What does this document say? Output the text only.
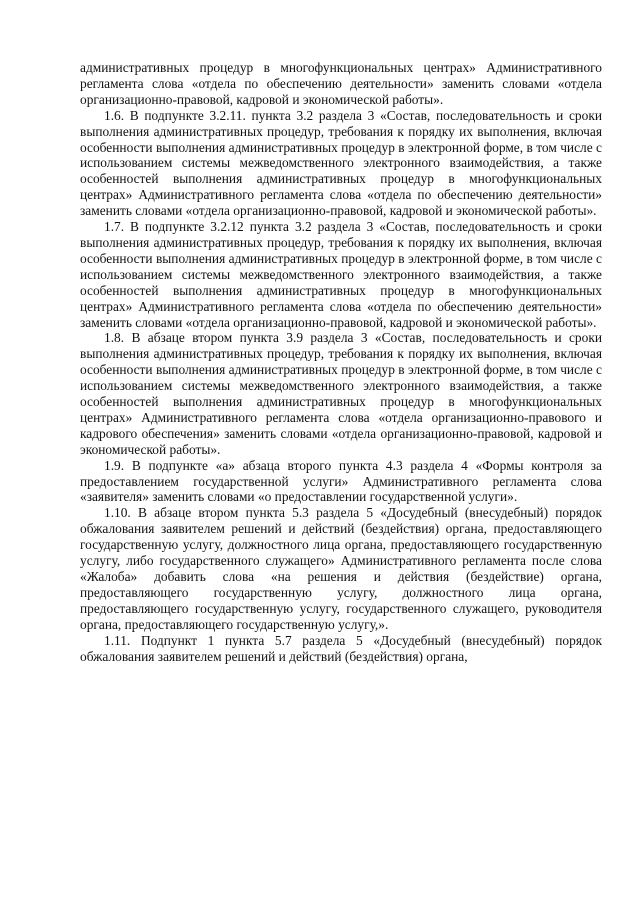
административных процедур в многофункциональных центрах» Административного регламента слова «отдела по обеспечению деятельности» заменить словами «отдела организационно-правовой, кадровой и экономической работы».

1.6. В подпункте 3.2.11. пункта 3.2 раздела 3 «Состав, последовательность и сроки выполнения административных процедур, требования к порядку их выполнения, включая особенности выполнения административных процедур в электронной форме, в том числе с использованием системы межведомственного электронного взаимодействия, а также особенностей выполнения административных процедур в многофункциональных центрах» Административного регламента слова «отдела по обеспечению деятельности» заменить словами «отдела организационно-правовой, кадровой и экономической работы».

1.7. В подпункте 3.2.12 пункта 3.2 раздела 3 «Состав, последовательность и сроки выполнения административных процедур, требования к порядку их выполнения, включая особенности выполнения административных процедур в электронной форме, в том числе с использованием системы межведомственного электронного взаимодействия, а также особенностей выполнения административных процедур в многофункциональных центрах» Административного регламента слова «отдела по обеспечению деятельности» заменить словами «отдела организационно-правовой, кадровой и экономической работы».

1.8. В абзаце втором пункта 3.9 раздела 3 «Состав, последовательность и сроки выполнения административных процедур, требования к порядку их выполнения, включая особенности выполнения административных процедур в электронной форме, в том числе с использованием системы межведомственного электронного взаимодействия, а также особенностей выполнения административных процедур в многофункциональных центрах» Административного регламента слова «отдела организационно-правового и кадрового обеспечения» заменить словами «отдела организационно-правовой, кадровой и экономической работы».

1.9. В подпункте «а» абзаца второго пункта 4.3 раздела 4 «Формы контроля за предоставлением государственной услуги» Административного регламента слова «заявителя» заменить словами «о предоставлении государственной услуги».

1.10. В абзаце втором пункта 5.3 раздела 5 «Досудебный (внесудебный) порядок обжалования заявителем решений и действий (бездействия) органа, предоставляющего государственную услугу, должностного лица органа, предоставляющего государственную услугу, либо государственного служащего» Административного регламента после слова «Жалоба» добавить слова «на решения и действия (бездействие) органа, предоставляющего государственную услугу, должностного лица органа, предоставляющего государственную услугу, государственного служащего, руководителя органа, предоставляющего государственную услугу,».

1.11. Подпункт 1 пункта 5.7 раздела 5 «Досудебный (внесудебный) порядок обжалования заявителем решений и действий (бездействия) органа,
